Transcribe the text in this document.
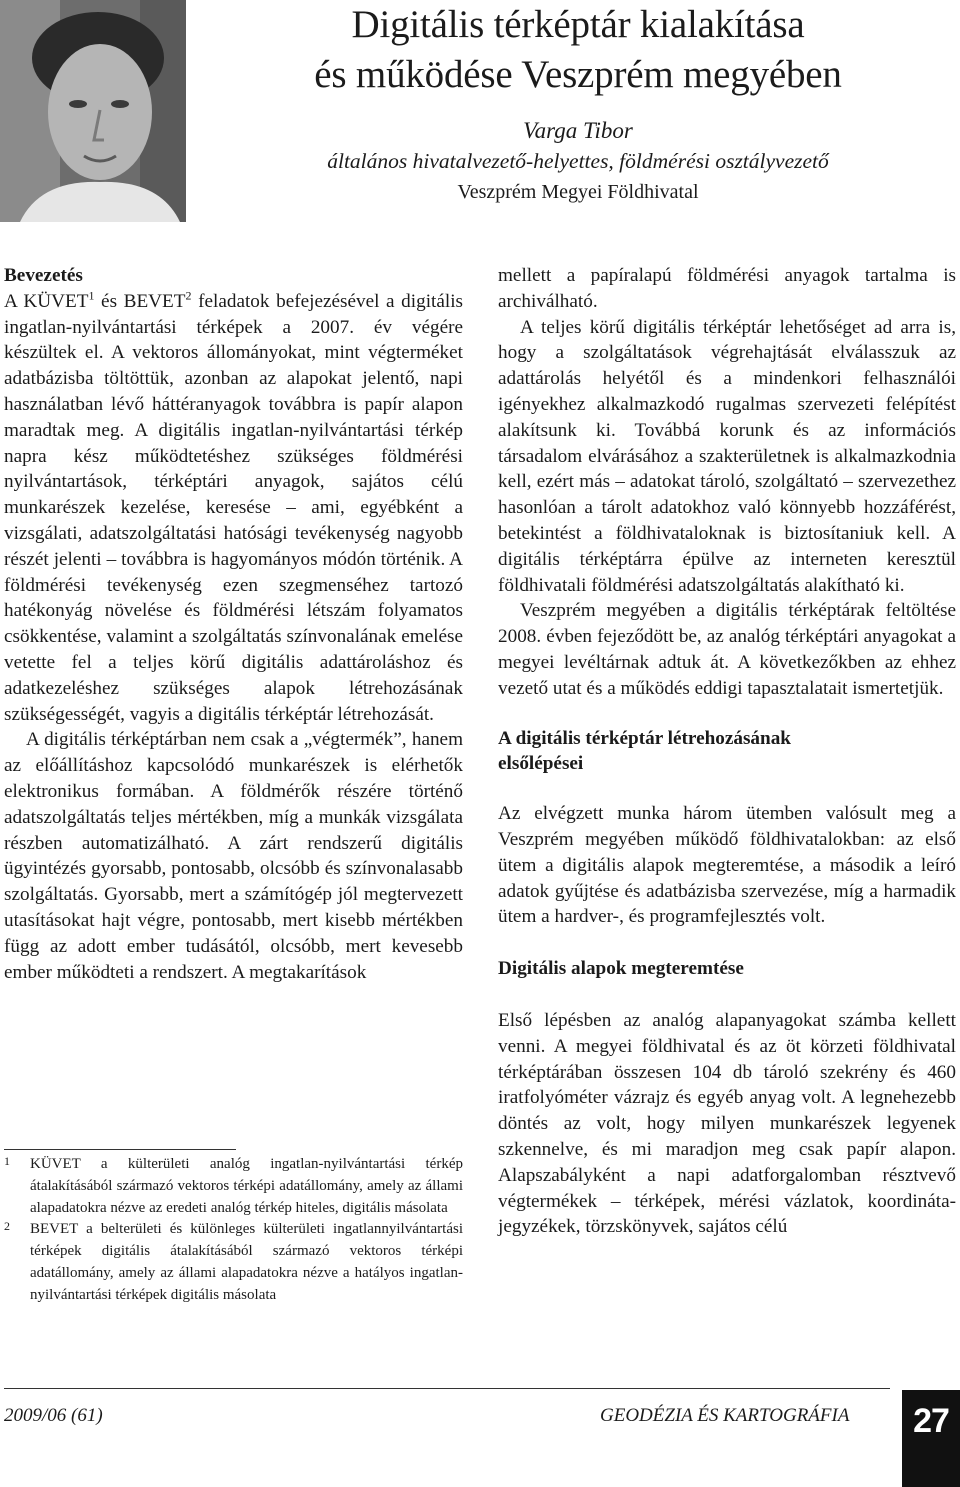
Digitális térképtár kialakítása
és működése Veszprém megyében
Varga Tibor
általános hivatalvezető-helyettes, földmérési osztályvezető
Veszprém Megyei Földhivatal
Bevezetés

A KÜVET$^1$ és BEVET$^2$ feladatok befejezésével a digitális ingatlan-nyilvántartási térképek a 2007. év végére készültek el. A vektoros állományokat, mint végterméket adatbázisba töltöttük, azonban az alapokat jelentő, napi használatban lévő háttéranyagok továbbra is papír alapon maradtak meg. A digitális ingatlan-nyilvántartási térkép napra kész működtetéshez szükséges földmérési nyilvántartások, térképtári anyagok, sajátos célú munkarészek kezelése, keresése – ami, egyébként a vizsgálati, adatszolgáltatási hatósági tevékenység nagyobb részét jelenti – továbbra is hagyományos módón történik. A földmérési tevékenység ezen szegmenséhez tartozó hatékonyág növelése és földmérési létszám folyamatos csökkentése, valamint a szolgáltatás színvonalának emelése vetette fel a teljes körű digitális adattároláshoz és adatkezeléshez szükséges alapok létrehozásának szükségességét, vagyis a digitális térképtár létrehozását.

A digitális térképtárban nem csak a „végtermék”, hanem az előállításhoz kapcsolódó munkarészek is elérhetők elektronikus formában. A földmérők részére történő adatszolgáltatás teljes mértékben, míg a munkák vizsgálata részben automatizálható. A zárt rendszerű digitális ügyintézés gyorsabb, pontosabb, olcsóbb és színvonalasabb szolgáltatás. Gyorsabb, mert a számítógép jól megtervezett utasításokat hajt végre, pontosabb, mert kisebb mértékben függ az adott ember tudásától, olcsóbb, mert kevesebb ember működteti a rendszert. A megtakarítások

1 KÜVET a külterületi analóg ingatlan-nyilvántartási térkép átalakításából származó vektoros térképi adatállomány, amely az állami alapadatokra nézve az eredeti analóg térkép hiteles, digitális másolata
2 BEVET a belterületi és különleges külterületi ingatlannyilvántartási térképek digitális átalakításából származó vektoros térképi adatállomány, amely az állami alapadatokra nézve a hatályos ingatlan-nyilvántartási térképek digitális másolata

mellett a papíralapú földmérési anyagok tartalma is archiválható.

A teljes körű digitális térképtár lehetőséget ad arra is, hogy a szolgáltatások végrehajtását elválasszuk az adattárolás helyétől és a mindenkori felhasználói igényekhez alkalmazkodó rugalmas szervezeti felépítést alakítsunk ki. Továbbá korunk és az információs társadalom elvárásához a szakterületnek is alkalmazkodnia kell, ezért más – adatokat tároló, szolgáltató – szervezethez hasonlóan a tárolt adatokhoz való könnyebb hozzáférést, betekintést a földhivataloknak is biztosítaniuk kell. A digitális térképtárra épülve az interneten keresztül földhivatali földmérési adatszolgáltatás alakítható ki.

Veszprém megyében a digitális térképtárak feltöltése 2008. évben fejeződött be, az analóg térképtári anyagokat a megyei levéltárnak adtuk át. A következőkben az ehhez vezető utat és a működés eddigi tapasztalatait ismertetjük.

A digitális térképtár létrehozásának elsőlépései

Az elvégzett munka három ütemben valósult meg a Veszprém megyében működő földhivatalokban: az első ütem a digitális alapok megteremtése, a második a leíró adatok gyűjtése és adatbázisba szervezése, míg a harmadik ütem a hardver-, és programfejlesztés volt.

Digitális alapok megteremtése

Első lépésben az analóg alapanyagokat számba kellett venni. A megyei földhivatal és az öt körzeti földhivatal térképtárában összesen 104 db tároló szekrény és 460 iratfolyóméter vázrajz és egyéb anyag volt. A legnehezebb döntés az volt, hogy milyen munkarészek legyenek szkennelve, és mi maradjon meg csak papír alapon. Alapszabályként a napi adatforgalomban résztvevő végtermékek – térképek, mérési vázlatok, koordináta-jegyzékek, törzskönyvek, sajátos célú

2009/06 (61)	GEODÉZIA ÉS KARTOGRÁFIA	27
